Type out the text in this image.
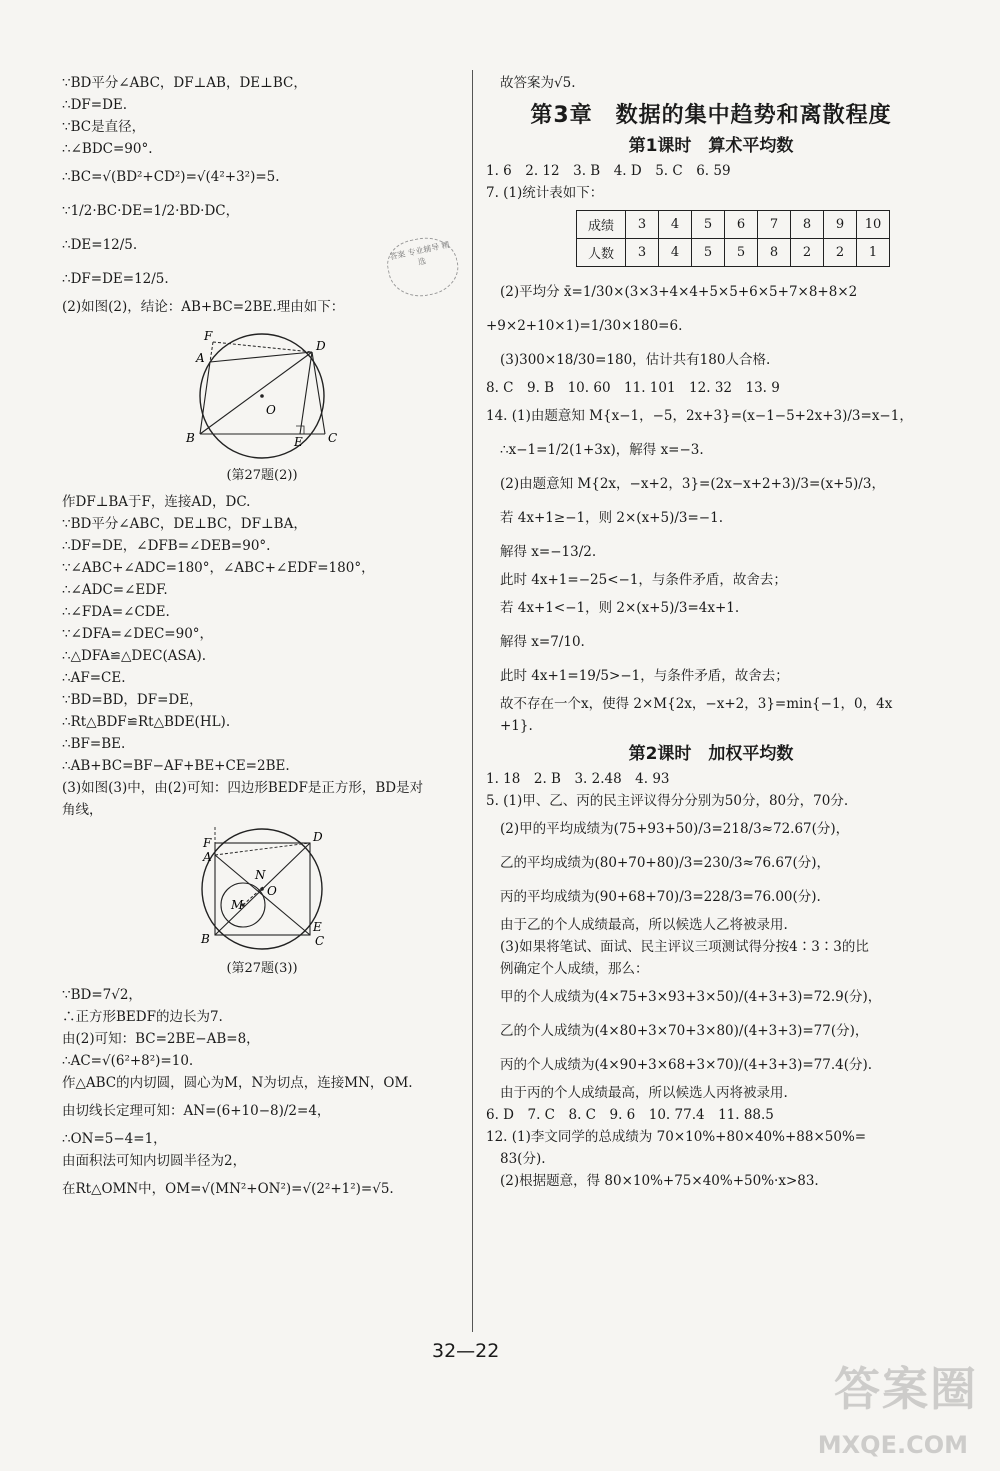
∵BD平分∠ABC，DF⊥AB，DE⊥BC，

∴DF=DE.

∵BC是直径，

∴∠BDC=90°.

∴BC=√(BD²+CD²)=√(4²+3²)=5.

∵1/2·BC·DE=1/2·BD·DC，

∴DE=12/5.

∴DF=DE=12/5.

(2)如图(2)，结论：AB+BC=2BE.理由如下：

F
A
D
O
B	E C

(第27题(2))

作DF⊥BA于F，连接AD，DC.

∵BD平分∠ABC，DE⊥BC，DF⊥BA，

∴DF=DE，∠DFB=∠DEB=90°.

∵∠ABC+∠ADC=180°，∠ABC+∠EDF=180°，

∴∠ADC=∠EDF.

∴∠FDA=∠CDE.

∵∠DFA=∠DEC=90°，

∴△DFA≌△DEC(ASA).

∴AF=CE.

∵BD=BD，DF=DE，

∴Rt△BDF≌Rt△BDE(HL).

∴BF=BE.

∴AB+BC=BF−AF+BE+CE=2BE.

(3)如图(3)中，由(2)可知：四边形BEDF是正方形，BD是对

角线，

F
A
D
N
O
M
B
E
C

(第27题(3))

∵BD=7√2，

∴正方形BEDF的边长为7.

由(2)可知：BC=2BE−AB=8，

∴AC=√(6²+8²)=10.

作△ABC的内切圆，圆心为M，N为切点，连接MN，OM.

由切线长定理可知：AN=(6+10−8)/2=4，

∴ON=5−4=1，

由面积法可知内切圆半径为2，

在Rt△OMN中，OM=√(MN²+ON²)=√(2²+1²)=√5.

答案 专业辅导 精选

故答案为√5.

第3章　数据的集中趋势和离散程度
第1课时　算术平均数

1. 6　2. 12　3. B　4. D　5. C　6. 59

7. (1)统计表如下：

成绩	3	4	5	6	7	8	9	10
人数	3	4	5	5	8	2	2	1

(2)平均分 x̄=1/30×(3×3+4×4+5×5+6×5+7×8+8×2

+9×2+10×1)=1/30×180=6.

(3)300×18/30=180，估计共有180人合格.

8. C　9. B　10. 60　11. 101　12. 32　13. 9

14. (1)由题意知 M{x−1，−5，2x+3}=(x−1−5+2x+3)/3=x−1，

∴x−1=1/2(1+3x)，解得 x=−3.

(2)由题意知 M{2x，−x+2，3}=(2x−x+2+3)/3=(x+5)/3，

若 4x+1≥−1，则 2×(x+5)/3=−1.

解得 x=−13/2.

此时 4x+1=−25<−1，与条件矛盾，故舍去；

若 4x+1<−1，则 2×(x+5)/3=4x+1.

解得 x=7/10.

此时 4x+1=19/5>−1，与条件矛盾，故舍去；

故不存在一个x，使得 2×M{2x，−x+2，3}=min{−1，0，4x

+1}.

第2课时　加权平均数

1. 18　2. B　3. 2.48　4. 93

5. (1)甲、乙、丙的民主评议得分分别为50分，80分，70分.

(2)甲的平均成绩为(75+93+50)/3=218/3≈72.67(分)，

乙的平均成绩为(80+70+80)/3=230/3≈76.67(分)，

丙的平均成绩为(90+68+70)/3=228/3=76.00(分).

由于乙的个人成绩最高，所以候选人乙将被录用.

(3)如果将笔试、面试、民主评议三项测试得分按4∶3∶3的比

例确定个人成绩，那么：

甲的个人成绩为(4×75+3×93+3×50)/(4+3+3)=72.9(分)，

乙的个人成绩为(4×80+3×70+3×80)/(4+3+3)=77(分)，

丙的个人成绩为(4×90+3×68+3×70)/(4+3+3)=77.4(分).

由于丙的个人成绩最高，所以候选人丙将被录用.

6. D　7. C　8. C　9. 6　10. 77.4　11. 88.5

12. (1)李文同学的总成绩为 70×10%+80×40%+88×50%=

83(分).

(2)根据题意，得 80×10%+75×40%+50%·x>83.

32—22
答案圈
MXQE.COM
